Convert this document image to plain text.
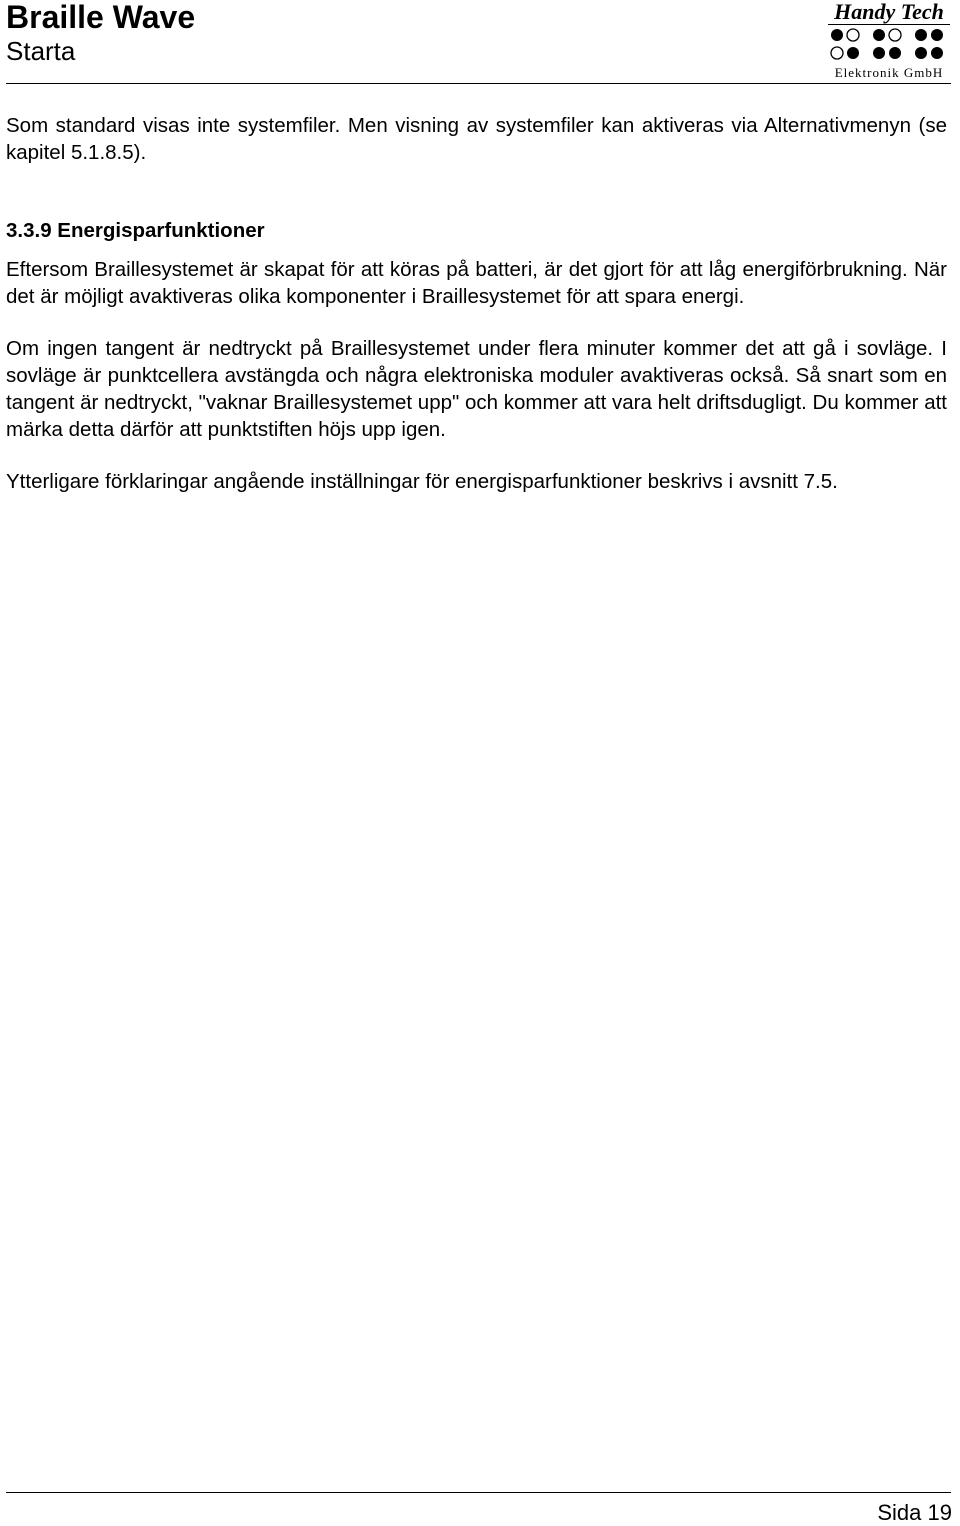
Braille Wave
Starta
Handy Tech
Elektronik GmbH

Som standard visas inte systemfiler. Men visning av systemfiler kan aktiveras via Alternativmenyn (se kapitel 5.1.8.5).

3.3.9 Energisparfunktioner

Eftersom Braillesystemet är skapat för att köras på batteri, är det gjort för att låg energiförbrukning. När det är möjligt avaktiveras olika komponenter i Braillesystemet för att spara energi.

Om ingen tangent är nedtryckt på Braillesystemet under flera minuter kommer det att gå i sovläge. I sovläge är punktcellera avstängda och några elektroniska moduler avaktiveras också. Så snart som en tangent är nedtryckt, "vaknar Braillesystemet upp" och kommer att vara helt driftsdugligt. Du kommer att märka detta därför att punktstiften höjs upp igen.

Ytterligare förklaringar angående inställningar för energisparfunktioner beskrivs i avsnitt 7.5.

Sida 19
